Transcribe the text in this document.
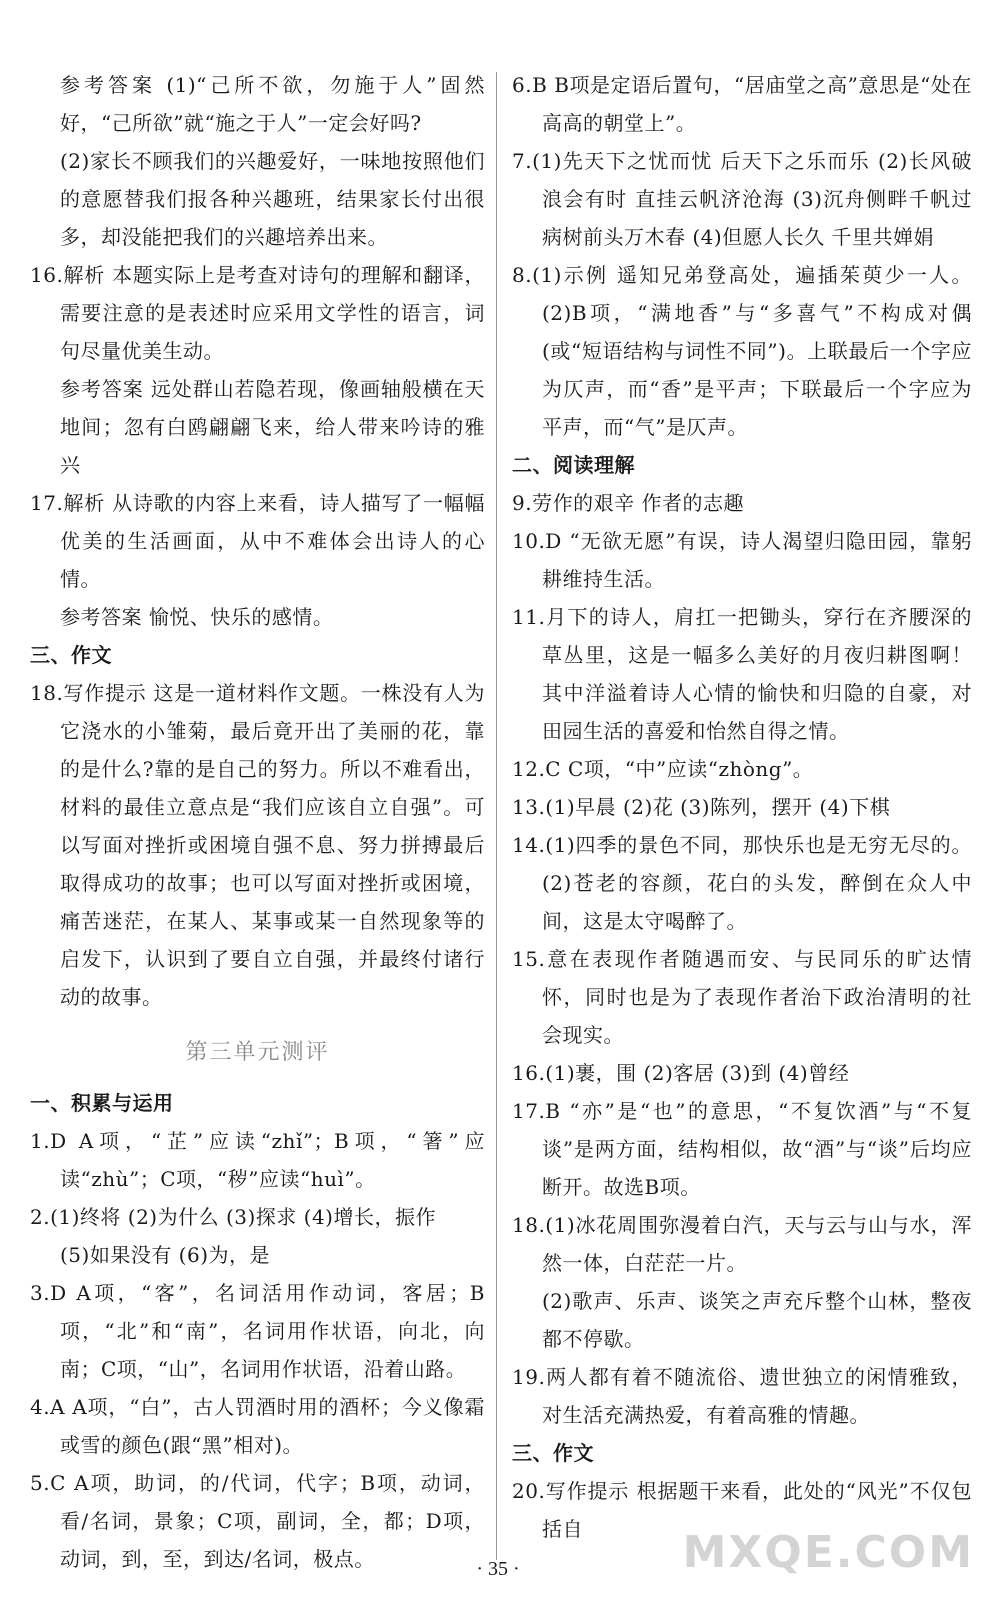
参考答案 (1)“己所不欲，勿施于人”固然好，“己所欲”就“施之于人”一定会好吗?

(2)家长不顾我们的兴趣爱好，一味地按照他们的意愿替我们报各种兴趣班，结果家长付出很多，却没能把我们的兴趣培养出来。

16.解析 本题实际上是考查对诗句的理解和翻译，需要注意的是表述时应采用文学性的语言，词句尽量优美生动。

参考答案 远处群山若隐若现，像画轴般横在天地间；忽有白鸥翩翩飞来，给人带来吟诗的雅兴

17.解析 从诗歌的内容上来看，诗人描写了一幅幅优美的生活画面，从中不难体会出诗人的心情。

参考答案 愉悦、快乐的感情。

三、作文

18.写作提示 这是一道材料作文题。一株没有人为它浇水的小雏菊，最后竟开出了美丽的花，靠的是什么?靠的是自己的努力。所以不难看出，材料的最佳立意点是“我们应该自立自强”。可以写面对挫折或困境自强不息、努力拼搏最后取得成功的故事；也可以写面对挫折或困境，痛苦迷茫，在某人、某事或某一自然现象等的启发下，认识到了要自立自强，并最终付诸行动的故事。

第三单元测评

一、积累与运用

1.D A项，“芷”应读“zhǐ”；B项，“箸”应读“zhù”；C项，“秽”应读“huì”。

2.(1)终将 (2)为什么 (3)探求 (4)增长，振作

(5)如果没有 (6)为，是

3.D A项，“客”，名词活用作动词，客居；B项，“北”和“南”，名词用作状语，向北，向南；C项，“山”，名词用作状语，沿着山路。

4.A A项，“白”，古人罚酒时用的酒杯；今义像霜或雪的颜色(跟“黑”相对)。

5.C A项，助词，的/代词，代字；B项，动词，看/名词，景象；C项，副词，全，都；D项，动词，到，至，到达/名词，极点。

6.B B项是定语后置句，“居庙堂之高”意思是“处在高高的朝堂上”。

7.(1)先天下之忧而忧 后天下之乐而乐 (2)长风破浪会有时 直挂云帆济沧海 (3)沉舟侧畔千帆过 病树前头万木春 (4)但愿人长久 千里共婵娟

8.(1)示例 遥知兄弟登高处，遍插茱萸少一人。(2)B项，“满地香”与“多喜气”不构成对偶(或“短语结构与词性不同”)。上联最后一个字应为仄声，而“香”是平声；下联最后一个字应为平声，而“气”是仄声。

二、阅读理解

9.劳作的艰辛 作者的志趣

10.D “无欲无愿”有误，诗人渴望归隐田园，靠躬耕维持生活。

11.月下的诗人，肩扛一把锄头，穿行在齐腰深的草丛里，这是一幅多么美好的月夜归耕图啊！其中洋溢着诗人心情的愉快和归隐的自豪，对田园生活的喜爱和怡然自得之情。

12.C C项，“中”应读“zhòng”。

13.(1)早晨 (2)花 (3)陈列，摆开 (4)下棋

14.(1)四季的景色不同，那快乐也是无穷无尽的。(2)苍老的容颜，花白的头发，醉倒在众人中间，这是太守喝醉了。

15.意在表现作者随遇而安、与民同乐的旷达情怀，同时也是为了表现作者治下政治清明的社会现实。

16.(1)裹，围 (2)客居 (3)到 (4)曾经

17.B “亦”是“也”的意思，“不复饮酒”与“不复谈”是两方面，结构相似，故“酒”与“谈”后均应断开。故选B项。

18.(1)冰花周围弥漫着白汽，天与云与山与水，浑然一体，白茫茫一片。

(2)歌声、乐声、谈笑之声充斥整个山林，整夜都不停歇。

19.两人都有着不随流俗、遗世独立的闲情雅致，对生活充满热爱，有着高雅的情趣。

三、作文

20.写作提示 根据题干来看，此处的“风光”不仅包括自

· 35 ·	MXQE.COM
